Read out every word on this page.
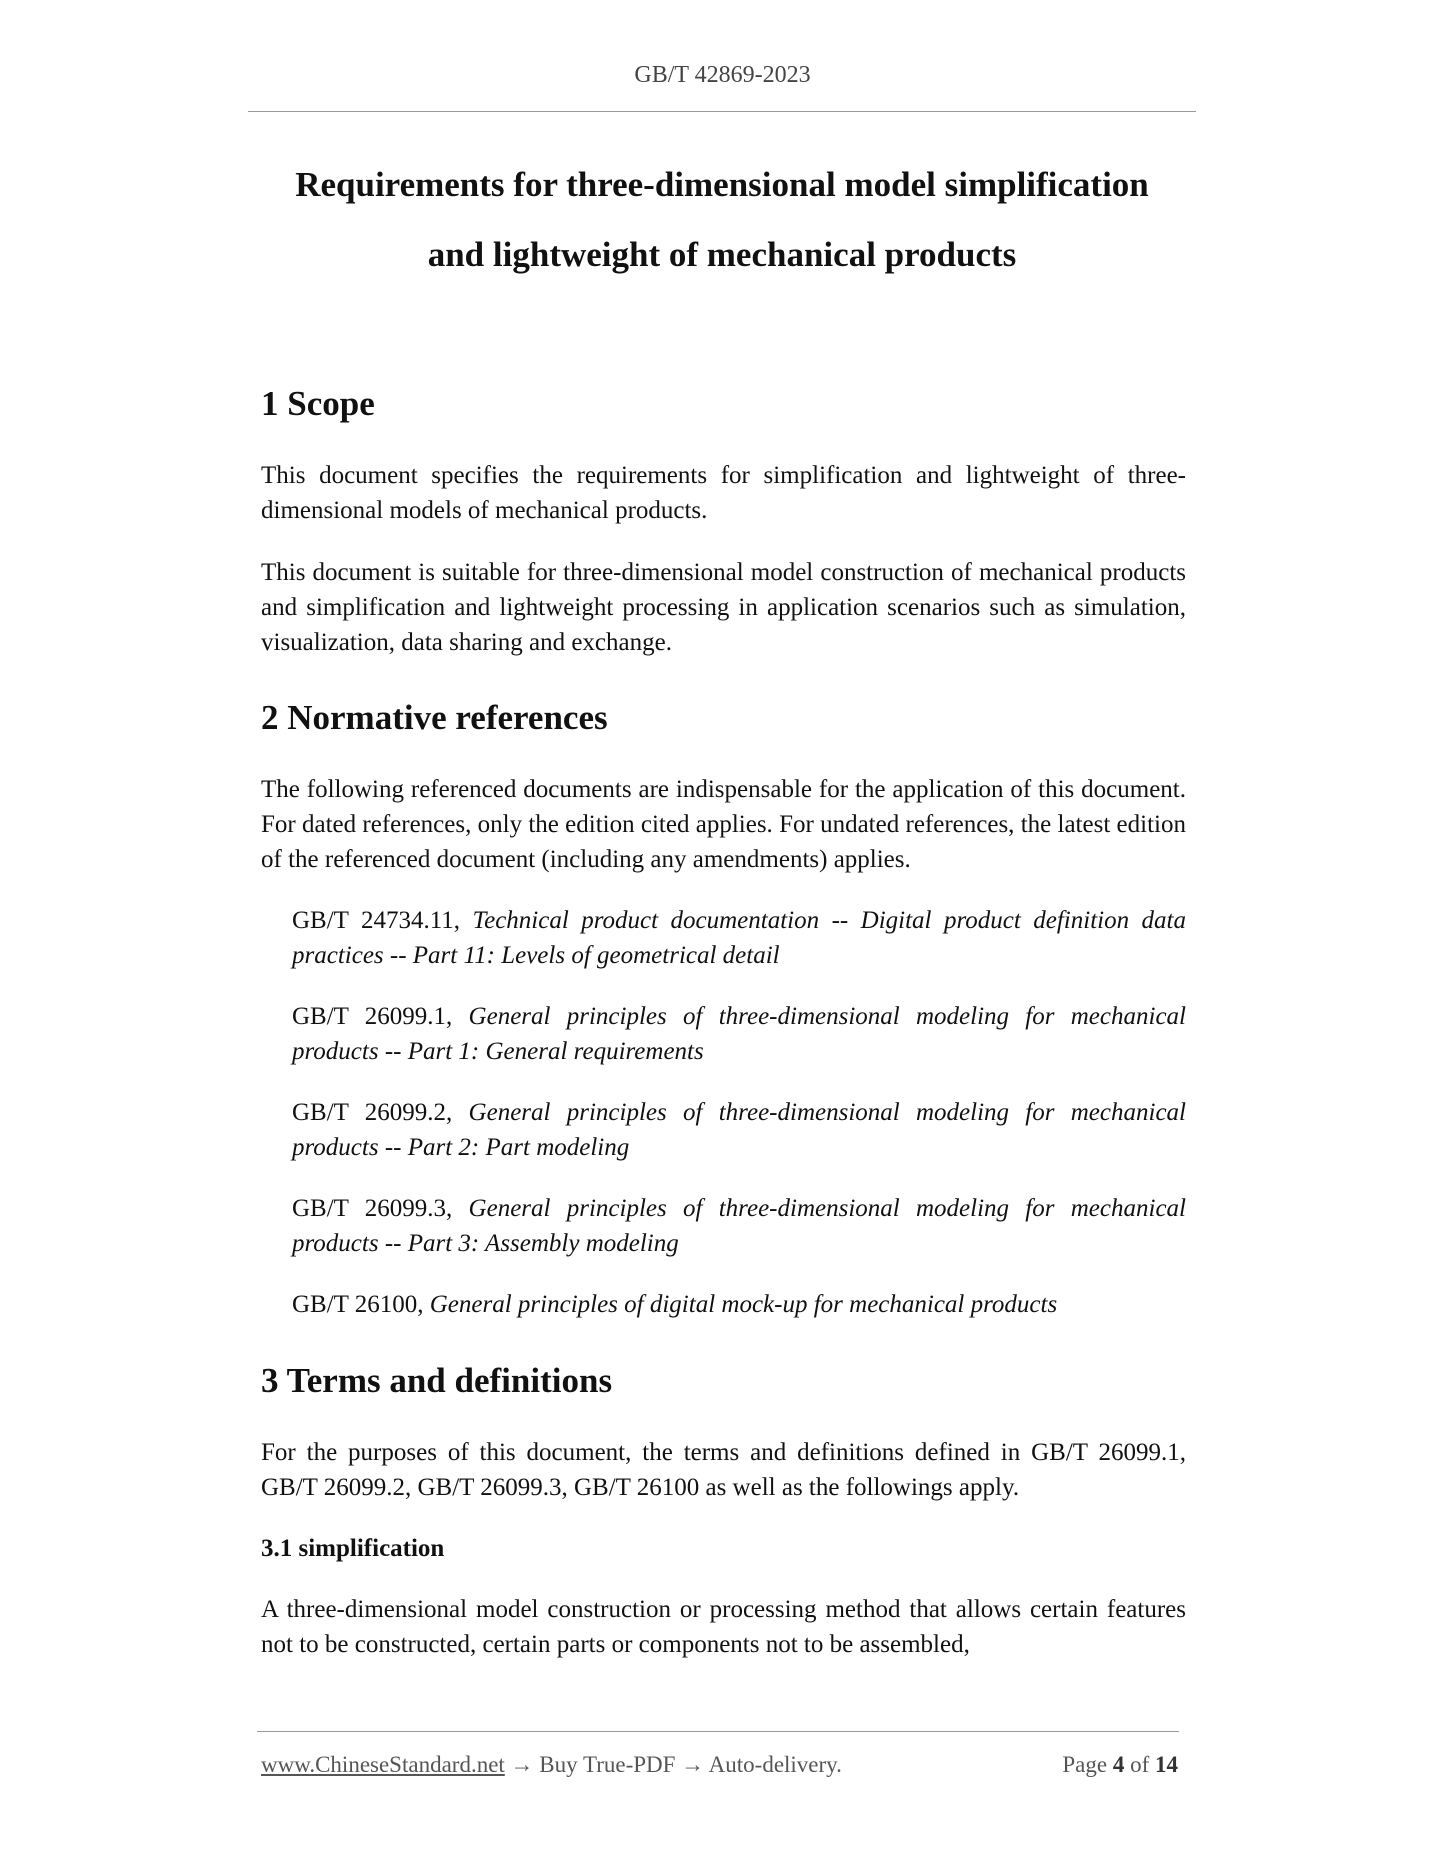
GB/T 42869-2023
Requirements for three-dimensional model simplification
and lightweight of mechanical products
1 Scope

This document specifies the requirements for simplification and lightweight of three-dimensional models of mechanical products.

This document is suitable for three-dimensional model construction of mechanical products and simplification and lightweight processing in application scenarios such as simulation, visualization, data sharing and exchange.

2 Normative references

The following referenced documents are indispensable for the application of this document. For dated references, only the edition cited applies. For undated references, the latest edition of the referenced document (including any amendments) applies.

GB/T 24734.11, Technical product documentation -- Digital product definition data practices -- Part 11: Levels of geometrical detail

GB/T 26099.1, General principles of three-dimensional modeling for mechanical products -- Part 1: General requirements

GB/T 26099.2, General principles of three-dimensional modeling for mechanical products -- Part 2: Part modeling

GB/T 26099.3, General principles of three-dimensional modeling for mechanical products -- Part 3: Assembly modeling

GB/T 26100, General principles of digital mock-up for mechanical products

3 Terms and definitions

For the purposes of this document, the terms and definitions defined in GB/T 26099.1, GB/T 26099.2, GB/T 26099.3, GB/T 26100 as well as the followings apply.

3.1 simplification

A three-dimensional model construction or processing method that allows certain features not to be constructed, certain parts or components not to be assembled,

www.ChineseStandard.net → Buy True-PDF → Auto-delivery.	Page 4 of 14
